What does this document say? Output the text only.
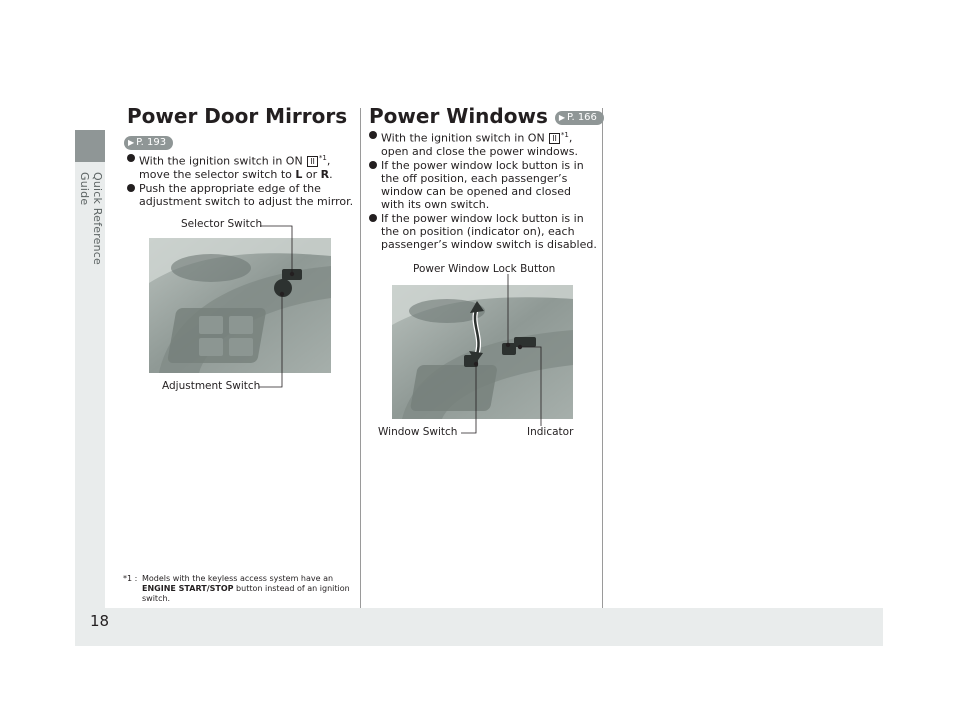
Quick Reference Guide
Power Door Mirrors
▶ P. 193
With the ignition switch in ON II $^{*1}$, move the selector switch to L or R.
Push the appropriate edge of the adjustment switch to adjust the mirror.
Selector Switch
Adjustment Switch
*1 : Models with the keyless access system have an ENGINE START/STOP button instead of an ignition switch.
Power Windows ▶ P. 166
With the ignition switch in ON II $^{*1}$, open and close the power windows.
If the power window lock button is in the off position, each passenger’s window can be opened and closed with its own switch.
If the power window lock button is in the on position (indicator on), each passenger’s window switch is disabled.
Power Window Lock Button
Window Switch	Indicator
18
